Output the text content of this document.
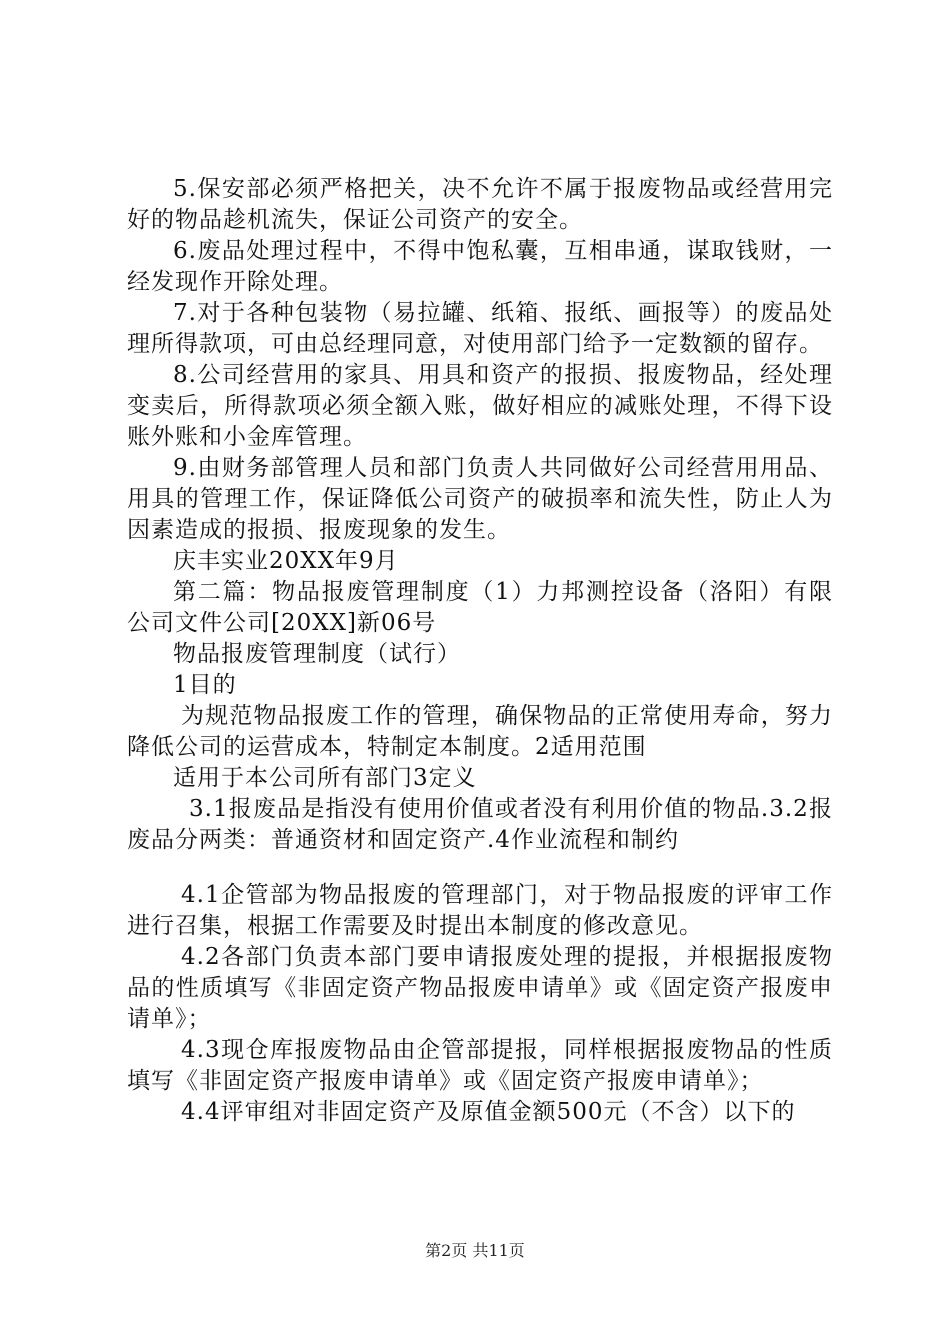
5.保安部必须严格把关，决不允许不属于报废物品或经营用完好的物品趁机流失，保证公司资产的安全。

6.废品处理过程中，不得中饱私囊，互相串通，谋取钱财，一经发现作开除处理。

7.对于各种包装物（易拉罐、纸箱、报纸、画报等）的废品处理所得款项，可由总经理同意，对使用部门给予一定数额的留存。

8.公司经营用的家具、用具和资产的报损、报废物品，经处理变卖后，所得款项必须全额入账，做好相应的减账处理，不得下设账外账和小金库管理。

9.由财务部管理人员和部门负责人共同做好公司经营用用品、用具的管理工作，保证降低公司资产的破损率和流失性，防止人为因素造成的报损、报废现象的发生。

庆丰实业20XX年9月

第二篇：物品报废管理制度（1）力邦测控设备（洛阳）有限公司文件公司[20XX]新06号

物品报废管理制度（试行）

1目的

为规范物品报废工作的管理，确保物品的正常使用寿命，努力降低公司的运营成本，特制定本制度。2适用范围

适用于本公司所有部门3定义

3.1报废品是指没有使用价值或者没有利用价值的物品.3.2报废品分两类：普通资材和固定资产.4作业流程和制约

4.1企管部为物品报废的管理部门，对于物品报废的评审工作进行召集，根据工作需要及时提出本制度的修改意见。

4.2各部门负责本部门要申请报废处理的提报，并根据报废物品的性质填写《非固定资产物品报废申请单》或《固定资产报废申请单》；

4.3现仓库报废物品由企管部提报，同样根据报废物品的性质填写《非固定资产报废申请单》或《固定资产报废申请单》；

4.4评审组对非固定资产及原值金额500元（不含）以下的

第2页 共11页
